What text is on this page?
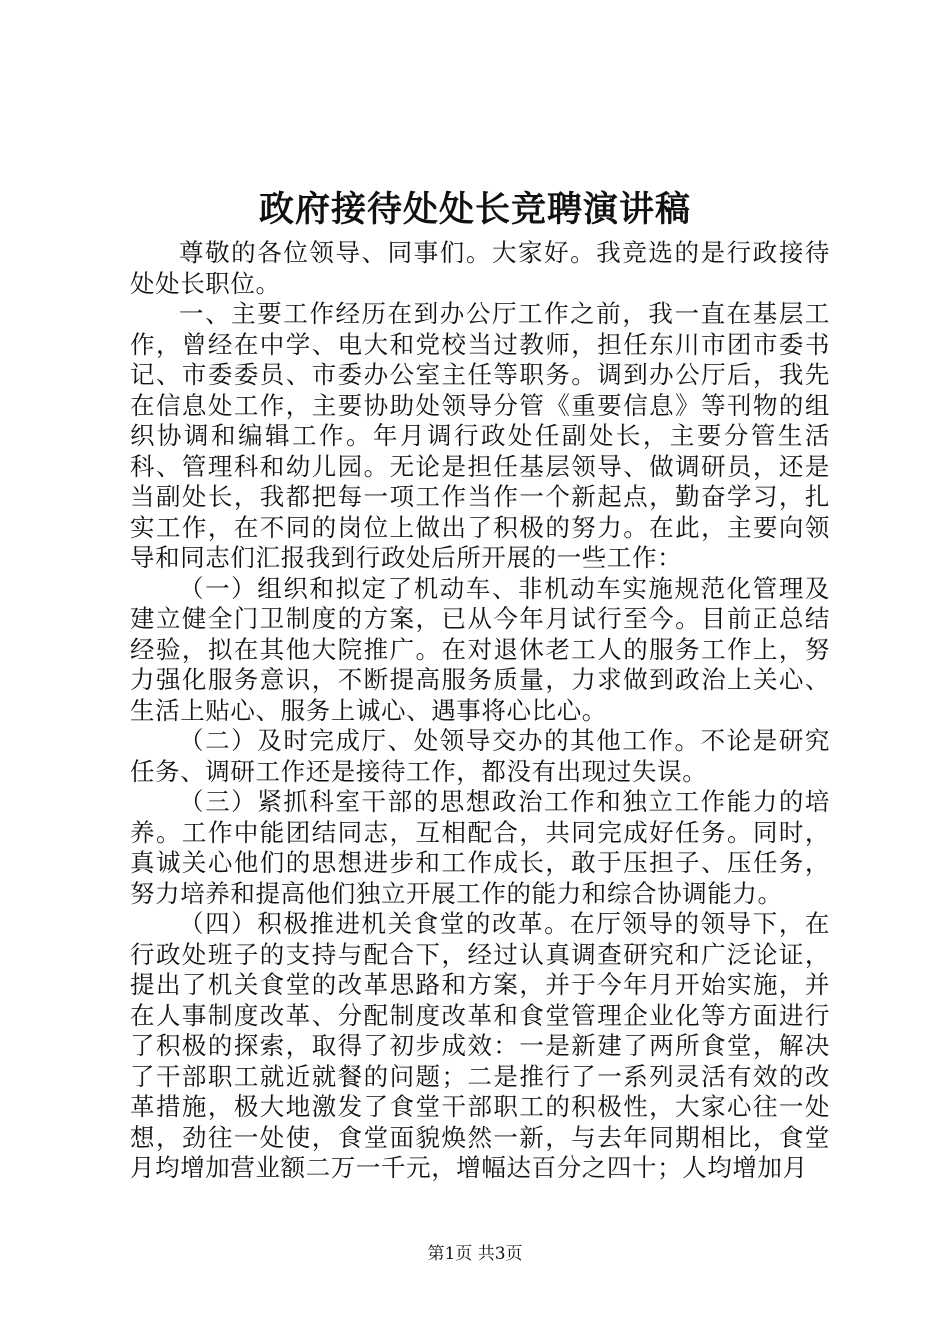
政府接待处处长竞聘演讲稿

尊敬的各位领导、同事们。大家好。我竞选的是行政接待处处长职位。

一、主要工作经历在到办公厅工作之前，我一直在基层工作，曾经在中学、电大和党校当过教师，担任东川市团市委书记、市委委员、市委办公室主任等职务。调到办公厅后，我先在信息处工作，主要协助处领导分管《重要信息》等刊物的组织协调和编辑工作。年月调行政处任副处长，主要分管生活科、管理科和幼儿园。无论是担任基层领导、做调研员，还是当副处长，我都把每一项工作当作一个新起点，勤奋学习，扎实工作，在不同的岗位上做出了积极的努力。在此，主要向领导和同志们汇报我到行政处后所开展的一些工作：

（一）组织和拟定了机动车、非机动车实施规范化管理及建立健全门卫制度的方案，已从今年月试行至今。目前正总结经验，拟在其他大院推广。在对退休老工人的服务工作上，努力强化服务意识，不断提高服务质量，力求做到政治上关心、生活上贴心、服务上诚心、遇事将心比心。

（二）及时完成厅、处领导交办的其他工作。不论是研究任务、调研工作还是接待工作，都没有出现过失误。

（三）紧抓科室干部的思想政治工作和独立工作能力的培养。工作中能团结同志，互相配合，共同完成好任务。同时，真诚关心他们的思想进步和工作成长，敢于压担子、压任务，努力培养和提高他们独立开展工作的能力和综合协调能力。

（四）积极推进机关食堂的改革。在厅领导的领导下，在行政处班子的支持与配合下，经过认真调查研究和广泛论证，提出了机关食堂的改革思路和方案，并于今年月开始实施，并在人事制度改革、分配制度改革和食堂管理企业化等方面进行了积极的探索，取得了初步成效：一是新建了两所食堂，解决了干部职工就近就餐的问题；二是推行了一系列灵活有效的改革措施，极大地激发了食堂干部职工的积极性，大家心往一处想，劲往一处使，食堂面貌焕然一新，与去年同期相比，食堂月均增加营业额二万一千元，增幅达百分之四十；人均增加月

第1页 共3页
